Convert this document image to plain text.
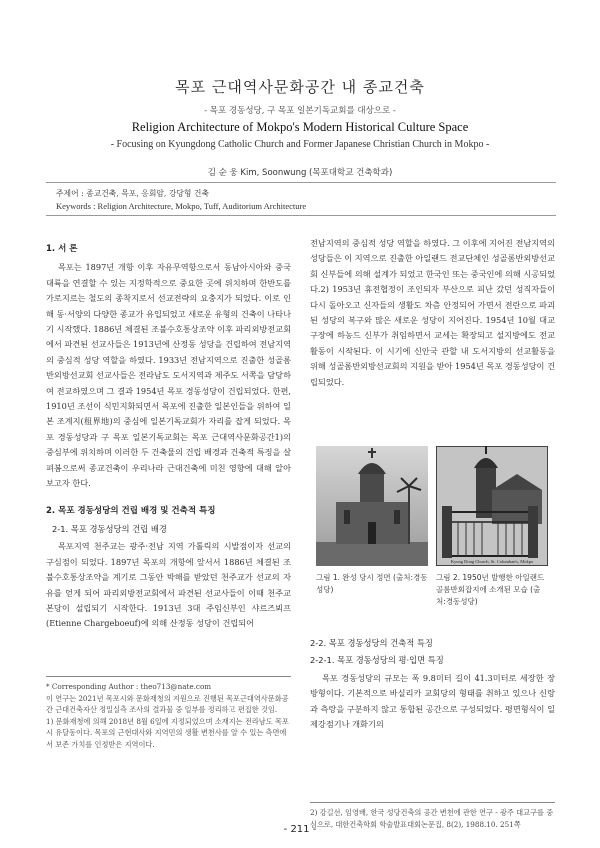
목포 근대역사문화공간 내 종교건축
- 목포 경동성당, 구 목포 일본기독교회를 대상으로 -
Religion Architecture of Mokpo's Modern Historical Culture Space
- Focusing on Kyungdong Catholic Church and Former Japanese Christian Church in Mokpo -
김 순 웅 Kim, Soonwung (목포대학교 건축학과)
주제어 : 종교건축, 목포, 응회암, 강당형 건축
Keywords : Religion Architecture, Mokpo, Tuff, Auditorium Architecture
1. 서 론

목포는 1897년 개항 이후 자유무역항으로서 동남아시아와 중국대륙을 연결할 수 있는 지정학적으로 중요한 곳에 위치하며 한반도를 가로지르는 철도의 종착지로서 선교전략의 요충지가 되었다. 이로 인해 동·서양의 다양한 종교가 유입되었고 새로운 유형의 건축이 나타나기 시작했다. 1886년 체결된 조불수호통상조약 이후 파리외방전교회에서 파견된 선교사들은 1913년에 산정동 성당을 건립하여 전남지역의 중심적 성당 역할을 하였다. 1933년 전남지역으로 진출한 성골롬반외방선교회 선교사들은 전라남도 도서지역과 제주도 서쪽을 담당하여 전교하였으며 그 결과 1954년 목포 경동성당이 건립되었다. 한편, 1910년 조선이 식민지화되면서 목포에 진출한 일본인들을 위하여 일본 조계지(租界地)의 중심에 일본기독교회가 자리를 잡게 되었다. 목포 경동성당과 구 목포 일본기독교회는 목포 근대역사문화공간1)의 중심부에 위치하며 이러한 두 건축물의 건립 배경과 건축적 특징을 살펴봄으로써 종교건축이 우리나라 근대건축에 미친 영향에 대해 알아보고자 한다.

2. 목포 경동성당의 건립 배경 및 건축적 특징
2-1. 목포 경동성당의 건립 배경

목포지역 천주교는 광주·전남 지역 가톨릭의 시발점이자 선교의 구심점이 되었다. 1897년 목포의 개항에 앞서서 1886년 체결된 조불수호통상조약을 계기로 그동안 박해를 받았던 천주교가 선교의 자유를 얻게 되어 파리외방전교회에서 파견된 선교사들이 이때 천주교 본당이 설립되기 시작한다. 1913년 3대 주임신부인 샤르즈뵈프(Etienne Chargeboeuf)에 의해 산정동 성당이 건립되어

* Corresponding Author : theo713@nate.com

이 연구는 2021년 목포시와 문화재청의 지원으로 진행된 목포근대역사문화공간 근대건축자산 정밀실측 조사의 결과물 중 일부를 정리하고 편집한 것임.

1) 문화재청에 의해 2018년 8월 6일에 지정되었으며 소재지는 전라남도 목포시 유달동이다. 목포의 근현대사와 지역민의 생활 변천사를 알 수 있는 측면에서 보존 가치를 인정받은 지역이다.

전남지역의 중심적 성당 역할을 하였다. 그 이후에 지어진 전남지역의 성당들은 이 지역으로 진출한 아일랜드 전교단체인 성골롬반외방선교회 신부들에 의해 설계가 되었고 한국인 또는 중국인에 의해 시공되었다.2) 1953년 휴전협정이 조인되자 부산으로 피난 갔던 성직자들이 다시 돌아오고 신자들의 생활도 차츰 안정되어 가면서 전란으로 파괴된 성당의 복구와 많은 새로운 성당이 지어진다. 1954년 10월 대교구장에 하농드 신부가 취임하면서 교세는 확장되고 설지방에도 전교활동이 시작된다. 이 시기에 신안국 관할 내 도서지방의 선교활동을 위해 성골롬반외방선교회의 지원을 받아 1954년 목포 경동성당이 건립되었다.

그림 1. 완성 당시 정면 (출처:경동성당)
Kyung Dong Church, St. Columban's, Mokpo
그림 2. 1950년 발행한 아일랜드 골롬반회잡지에 소개된 모습 (출처:경동성당)
2-2. 목포 경동성당의 건축적 특징
2-2-1. 목포 경동성당의 평·입면 특징

목포 경동성당의 규모는 폭 9.8미터 길이 41.3미터로 세장한 장방형이다. 기본적으로 바실리카 교회당의 형태를 취하고 있으나 신랑과 측랑을 구분하지 않고 통합된 공간으로 구성되었다. 평면형식이 일제강점기나 개화기의

2) 강길선, 임영배, 한국 성당건축의 공간 변천에 관한 연구 - 광주 대교구를 중심으로, 대한건축학회 학술발표대회논문집, 8(2), 1988.10. 251쪽

- 211 -
